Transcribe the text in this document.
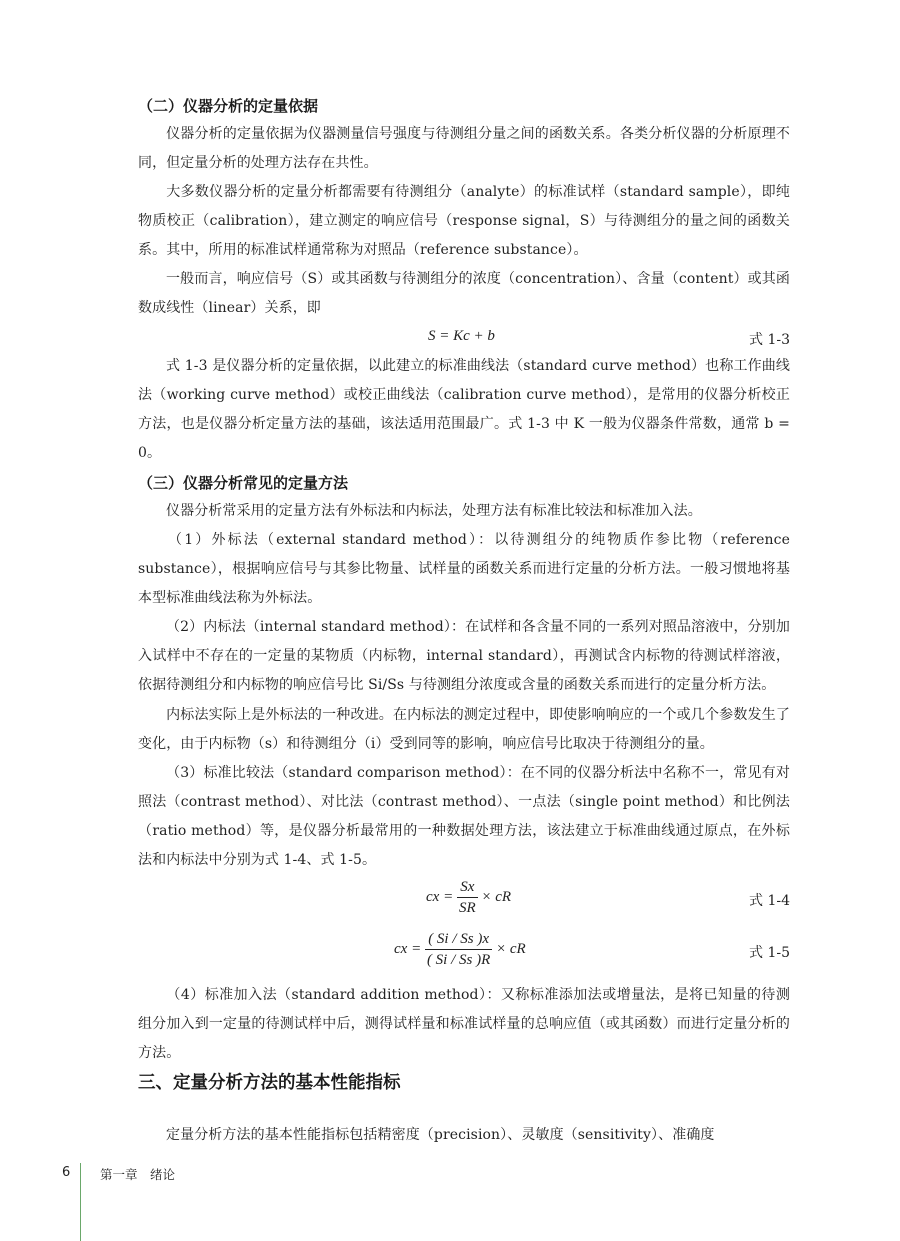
（二）仪器分析的定量依据
仪器分析的定量依据为仪器测量信号强度与待测组分量之间的函数关系。各类分析仪器的分析原理不同，但定量分析的处理方法存在共性。
大多数仪器分析的定量分析都需要有待测组分（analyte）的标准试样（standard sample），即纯物质校正（calibration），建立测定的响应信号（response signal，S）与待测组分的量之间的函数关系。其中，所用的标准试样通常称为对照品（reference substance）。
一般而言，响应信号（S）或其函数与待测组分的浓度（concentration）、含量（content）或其函数成线性（linear）关系，即
S = Kc + b	式 1-3
式 1-3 是仪器分析的定量依据，以此建立的标准曲线法（standard curve method）也称工作曲线法（working curve method）或校正曲线法（calibration curve method），是常用的仪器分析校正方法，也是仪器分析定量方法的基础，该法适用范围最广。式 1-3 中 K 一般为仪器条件常数，通常 b = 0。
（三）仪器分析常见的定量方法
仪器分析常采用的定量方法有外标法和内标法，处理方法有标准比较法和标准加入法。
（1）外标法（external standard method）：以待测组分的纯物质作参比物（reference substance），根据响应信号与其参比物量、试样量的函数关系而进行定量的分析方法。一般习惯地将基本型标准曲线法称为外标法。
（2）内标法（internal standard method）：在试样和各含量不同的一系列对照品溶液中，分别加入试样中不存在的一定量的某物质（内标物，internal standard），再测试含内标物的待测试样溶液，依据待测组分和内标物的响应信号比 Si/Ss 与待测组分浓度或含量的函数关系而进行的定量分析方法。
内标法实际上是外标法的一种改进。在内标法的测定过程中，即使影响响应的一个或几个参数发生了变化，由于内标物（s）和待测组分（i）受到同等的影响，响应信号比取决于待测组分的量。
（3）标准比较法（standard comparison method）：在不同的仪器分析法中名称不一，常见有对照法（contrast method）、对比法（contrast method）、一点法（single point method）和比例法（ratio method）等，是仪器分析最常用的一种数据处理方法，该法建立于标准曲线通过原点，在外标法和内标法中分别为式 1-4、式 1-5。
cx = $\frac{Sx}{SR}$ × cR	式 1-4
cx = $\frac{( Si / Ss )x}{( Si / Ss )R}$ × cR	式 1-5
（4）标准加入法（standard addition method）：又称标准添加法或增量法，是将已知量的待测组分加入到一定量的待测试样中后，测得试样量和标准试样量的总响应值（或其函数）而进行定量分析的方法。
三、定量分析方法的基本性能指标
定量分析方法的基本性能指标包括精密度（precision）、灵敏度（sensitivity）、准确度
6 第一章　绪论
